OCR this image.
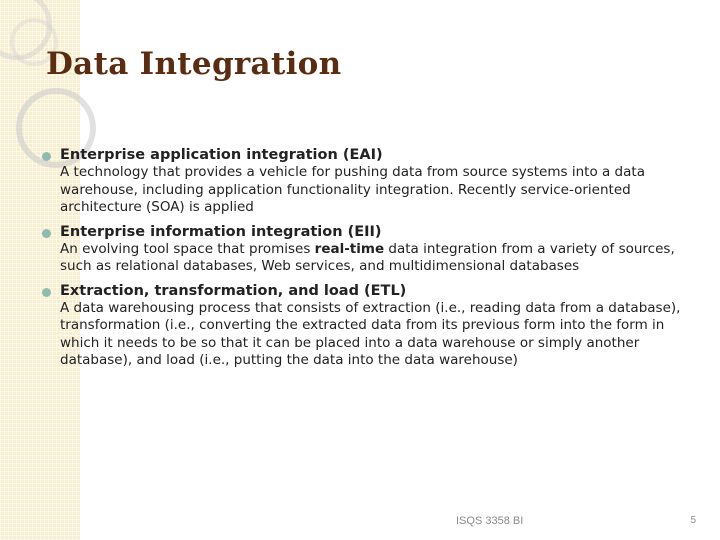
Data Integration
Enterprise application integration (EAI)
A technology that provides a vehicle for pushing data from source systems into a data warehouse, including application functionality integration. Recently service-oriented architecture (SOA) is applied
Enterprise information integration (EII)
An evolving tool space that promises real-time data integration from a variety of sources, such as relational databases, Web services, and multidimensional databases
Extraction, transformation, and load (ETL)
A data warehousing process that consists of extraction (i.e., reading data from a database), transformation (i.e., converting the extracted data from its previous form into the form in which it needs to be so that it can be placed into a data warehouse or simply another database), and load (i.e., putting the data into the data warehouse)
ISQS 3358 BI	5
